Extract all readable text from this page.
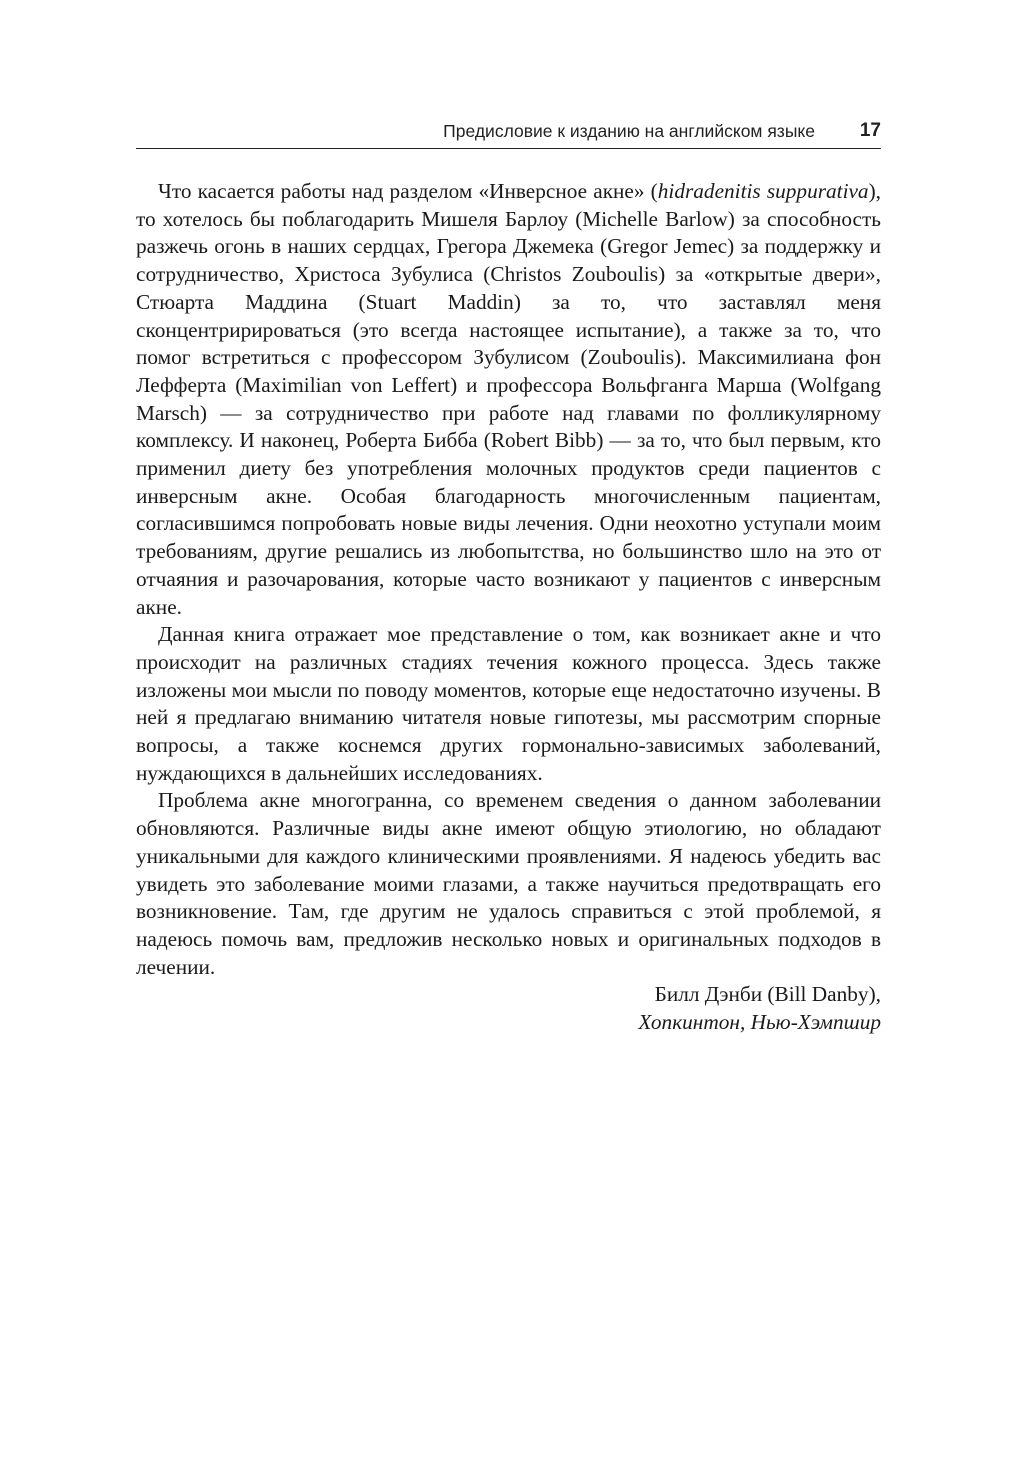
Предисловие к изданию на английском языке 17

Что касается работы над разделом «Инверсное акне» (hidradenitis suppurativa), то хотелось бы поблагодарить Мишеля Барлоу (Michelle Barlow) за способность разжечь огонь в наших сердцах, Грегора Джемека (Gregor Jemec) за поддержку и сотрудничество, Христоса Зубулиса (Christos Zouboulis) за «открытые двери», Стюарта Маддина (Stuart Maddin) за то, что заставлял меня сконцентририроваться (это всегда настоящее испытание), а также за то, что помог встретиться с профессором Зубулисом (Zouboulis). Максимилиана фон Лефферта (Maximilian von Leffert) и профессора Вольфганга Марша (Wolfgang Marsch) — за сотрудничество при работе над главами по фолликулярному комплексу. И наконец, Роберта Бибба (Robert Bibb) — за то, что был первым, кто применил диету без употребления молочных продуктов среди пациентов с инверсным акне. Особая благодарность многочисленным пациентам, согласившимся попробовать новые виды лечения. Одни неохотно уступали моим требованиям, другие решались из любопытства, но большинство шло на это от отчаяния и разочарования, которые часто возникают у пациентов с инверсным акне.

Данная книга отражает мое представление о том, как возникает акне и что происходит на различных стадиях течения кожного процесса. Здесь также изложены мои мысли по поводу моментов, которые еще недостаточно изучены. В ней я предлагаю вниманию читателя новые гипотезы, мы рассмотрим спорные вопросы, а также коснемся других гормонально-зависимых заболеваний, нуждающихся в дальнейших исследованиях.

Проблема акне многогранна, со временем сведения о данном заболевании обновляются. Различные виды акне имеют общую этиологию, но обладают уникальными для каждого клиническими проявлениями. Я надеюсь убедить вас увидеть это заболевание моими глазами, а также научиться предотвращать его возникновение. Там, где другим не удалось справиться с этой проблемой, я надеюсь помочь вам, предложив несколько новых и оригинальных подходов в лечении.

Билл Дэнби (Bill Danby),
Хопкинтон, Нью-Хэмпшир
